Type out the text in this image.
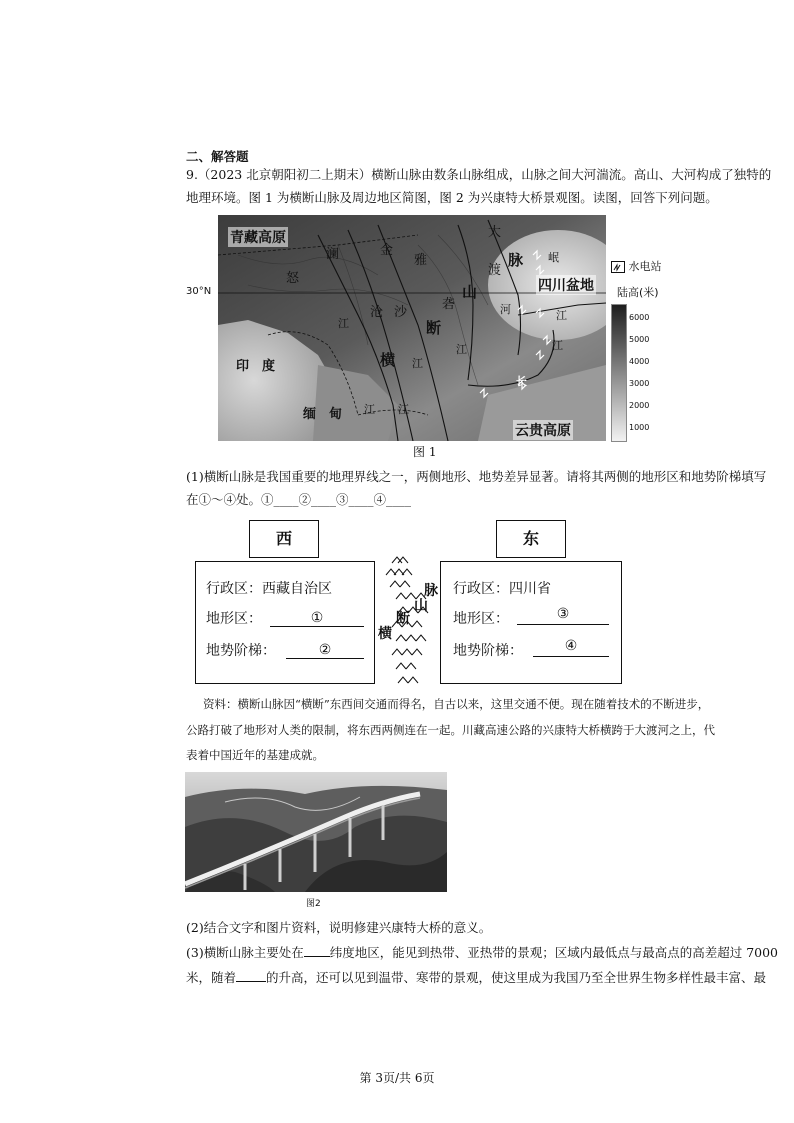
二、解答题
9.（2023 北京朝阳初二上期末）横断山脉由数条山脉组成，山脉之间大河湍流。高山、大河构成了独特的
地理环境。图 1 为横断山脉及周边地区简图，图 2 为兴康特大桥景观图。读图，回答下列问题。
30°N
青藏高原
四川盆地
云贵高原
印　度
缅　甸
澜	金
雅
大
渡
岷
怒
沧 沙
砻	河
江
江
江
江
江
江
江
长
横
断
山
脉	水电站
陆高(米)
6000
5000
4000
3000
2000
1000
图 1
(1)横断山脉是我国重要的地理界线之一，两侧地形、地势差异显著。请将其两侧的地形区和地势阶梯填写
在①～④处。①____②____③____④____
西	东
行政区：西藏自治区
地形区：	①
地势阶梯：	②
行政区：四川省
地形区：	③
地势阶梯：	④
横
断
山
脉
资料：横断山脉因“横断”东西间交通而得名，自古以来，这里交通不便。现在随着技术的不断进步，
公路打破了地形对人类的限制，将东西两侧连在一起。川藏高速公路的兴康特大桥横跨于大渡河之上，代
表着中国近年的基建成就。
图2
(2)结合文字和图片资料，说明修建兴康特大桥的意义。
(3)横断山脉主要处在 纬度地区，能见到热带、亚热带的景观；区域内最低点与最高点的高差超过 7000
米，随着 的升高，还可以见到温带、寒带的景观，使这里成为我国乃至全世界生物多样性最丰富、最
第 3页/共 6页
